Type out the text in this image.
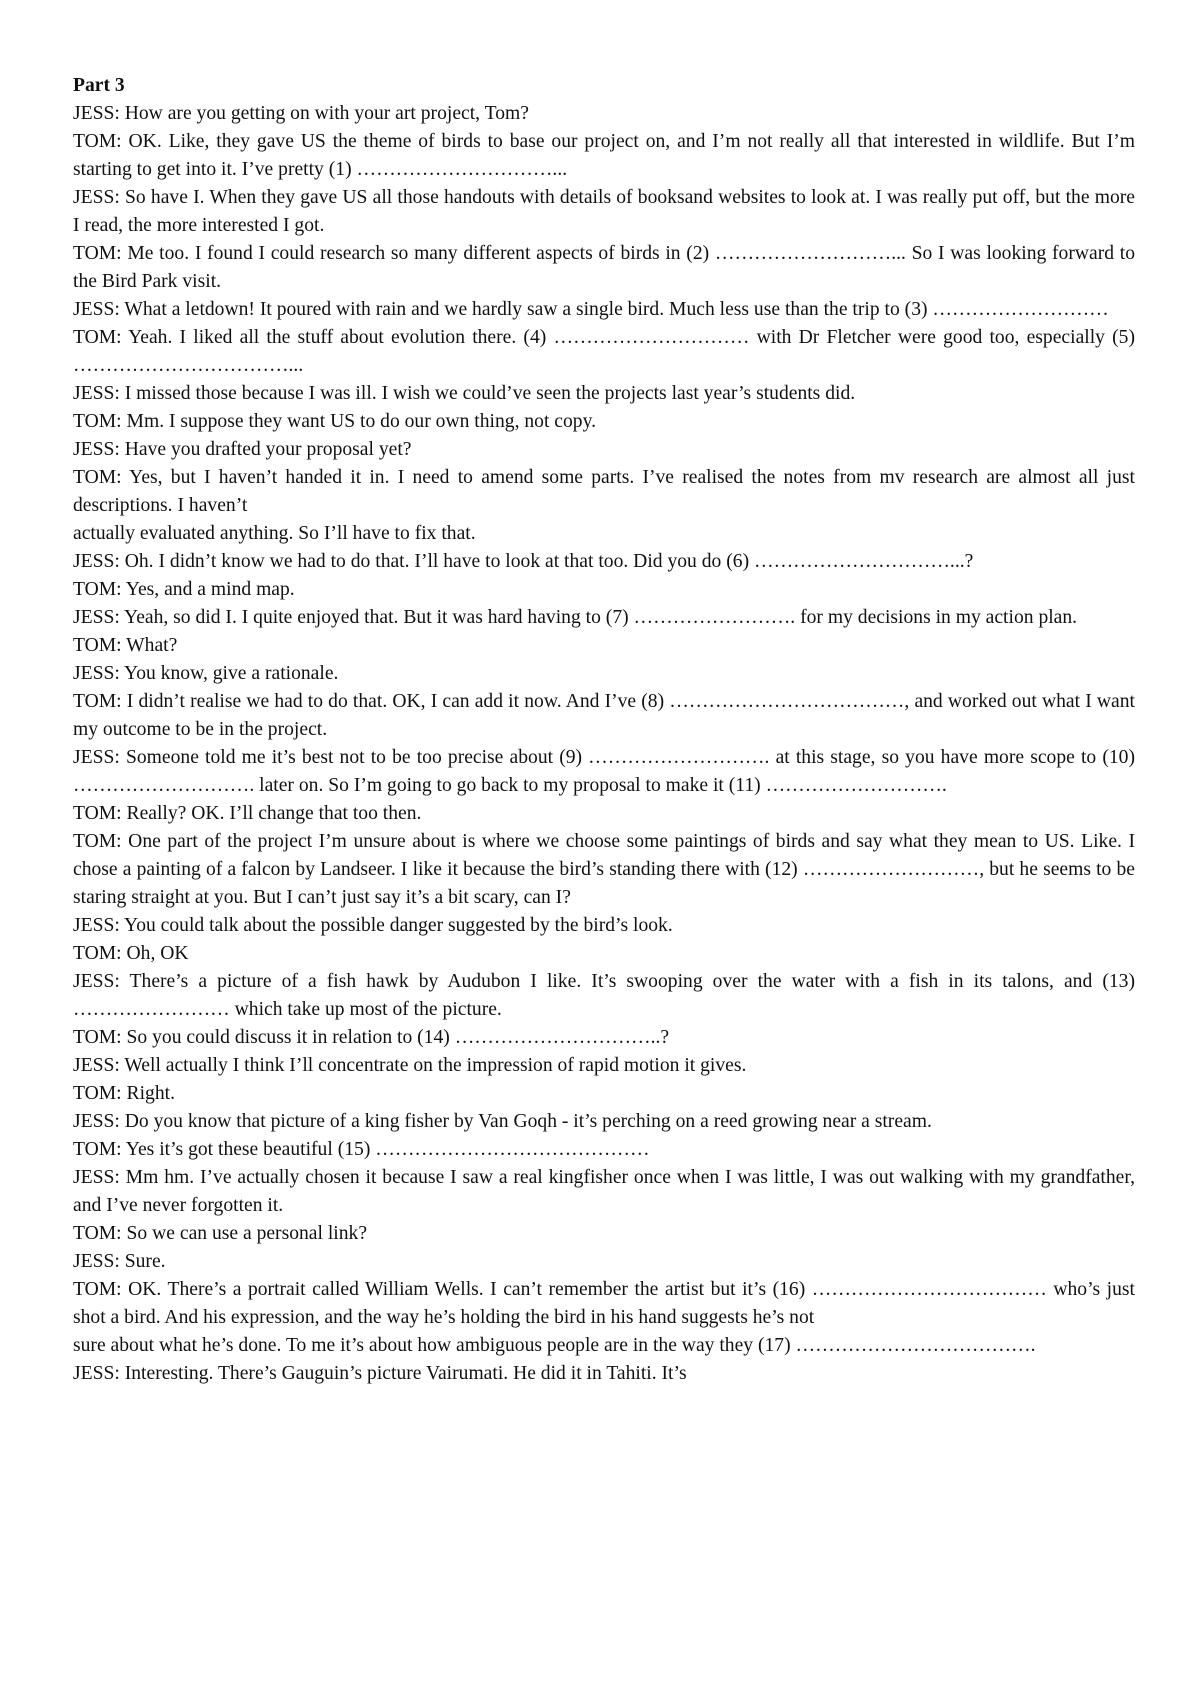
Part 3

JESS: How are you getting on with your art project, Tom?

TOM: OK. Like, they gave US the theme of birds to base our project on, and I’m not really all that interested in wildlife. But I’m starting to get into it. I’ve pretty (1) …………………………...

JESS: So have I. When they gave US all those handouts with details of booksand websites to look at. I was really put off, but the more I read, the more interested I got.

TOM: Me too. I found I could research so many different aspects of birds in (2) ………………………... So I was looking forward to the Bird Park visit.

JESS: What a letdown! It poured with rain and we hardly saw a single bird. Much less use than the trip to (3) ………………………

TOM: Yeah. I liked all the stuff about evolution there. (4) ………………………… with Dr Fletcher were good too, especially (5) ……………………………...

JESS: I missed those because I was ill. I wish we could’ve seen the projects last year’s students did.

TOM: Mm. I suppose they want US to do our own thing, not copy.

JESS: Have you drafted your proposal yet?

TOM: Yes, but I haven’t handed it in. I need to amend some parts. I’ve realised the notes from mv research are almost all just descriptions. I haven’t

actually evaluated anything. So I’ll have to fix that.

JESS: Oh. I didn’t know we had to do that. I’ll have to look at that too. Did you do (6) …………………………...?

TOM: Yes, and a mind map.

JESS: Yeah, so did I. I quite enjoyed that. But it was hard having to (7) ……………………. for my decisions in my action plan.

TOM: What?

JESS: You know, give a rationale.

TOM: I didn’t realise we had to do that. OK, I can add it now. And I’ve (8) ………………………………, and worked out what I want my outcome to be in the project.

JESS: Someone told me it’s best not to be too precise about (9) ………………………. at this stage, so you have more scope to (10) ………………………. later on. So I’m going to go back to my proposal to make it (11) ……………………….

TOM: Really? OK. I’ll change that too then.

TOM: One part of the project I’m unsure about is where we choose some paintings of birds and say what they mean to US. Like. I chose a painting of a falcon by Landseer. I like it because the bird’s standing there with (12) ………………………, but he seems to be staring straight at you. But I can’t just say it’s a bit scary, can I?

JESS: You could talk about the possible danger suggested by the bird’s look.

TOM: Oh, OK

JESS: There’s a picture of a fish hawk by Audubon I like. It’s swooping over the water with a fish in its talons, and (13) …………………… which take up most of the picture.

TOM: So you could discuss it in relation to (14) …………………………..?

JESS: Well actually I think I’ll concentrate on the impression of rapid motion it gives.

TOM: Right.

JESS: Do you know that picture of a king fisher by Van Goqh - it’s perching on a reed growing near a stream.

TOM: Yes it’s got these beautiful (15) ……………………………………

JESS: Mm hm. I’ve actually chosen it because I saw a real kingfisher once when I was little, I was out walking with my grandfather, and I’ve never forgotten it.

TOM: So we can use a personal link?

JESS: Sure.

TOM: OK. There’s a portrait called William Wells. I can’t remember the artist but it’s (16) ……………………………… who’s just shot a bird. And his expression, and the way he’s holding the bird in his hand suggests he’s not

sure about what he’s done. To me it’s about how ambiguous people are in the way they (17) ……………………………….

JESS: Interesting. There’s Gauguin’s picture Vairumati. He did it in Tahiti. It’s
